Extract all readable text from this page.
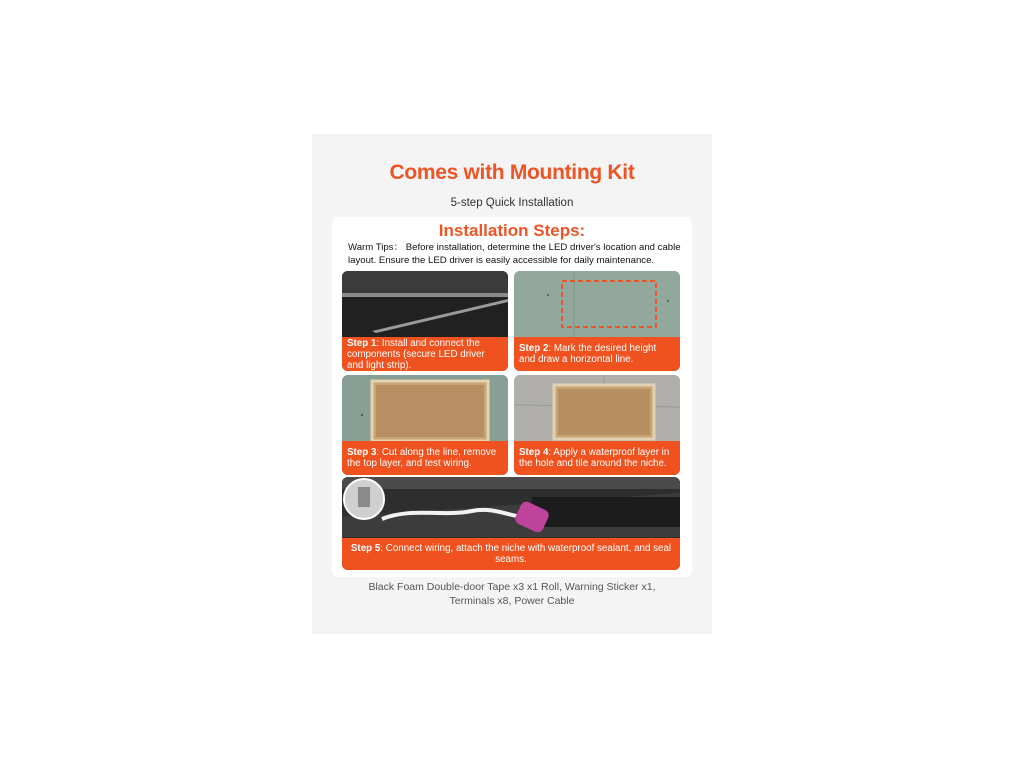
Comes with Mounting Kit
5-step Quick Installation
Installation Steps:
Warm Tips： Before installation, determine the LED driver's location and cable layout. Ensure the LED driver is easily accessible for daily maintenance.
Step 1: Install and connect the components (secure LED driver and light strip).
Step 2: Mark the desired height and draw a horizontal line.
Step 3: Cut along the line, remove the top layer, and test wiring.
Step 4: Apply a waterproof layer in the hole and tile around the niche.
Step 5: Connect wiring, attach the niche with waterproof sealant, and seal seams.
Black Foam Double-door Tape x3 x1 Roll, Warning Sticker x1,
Terminals x8, Power Cable
